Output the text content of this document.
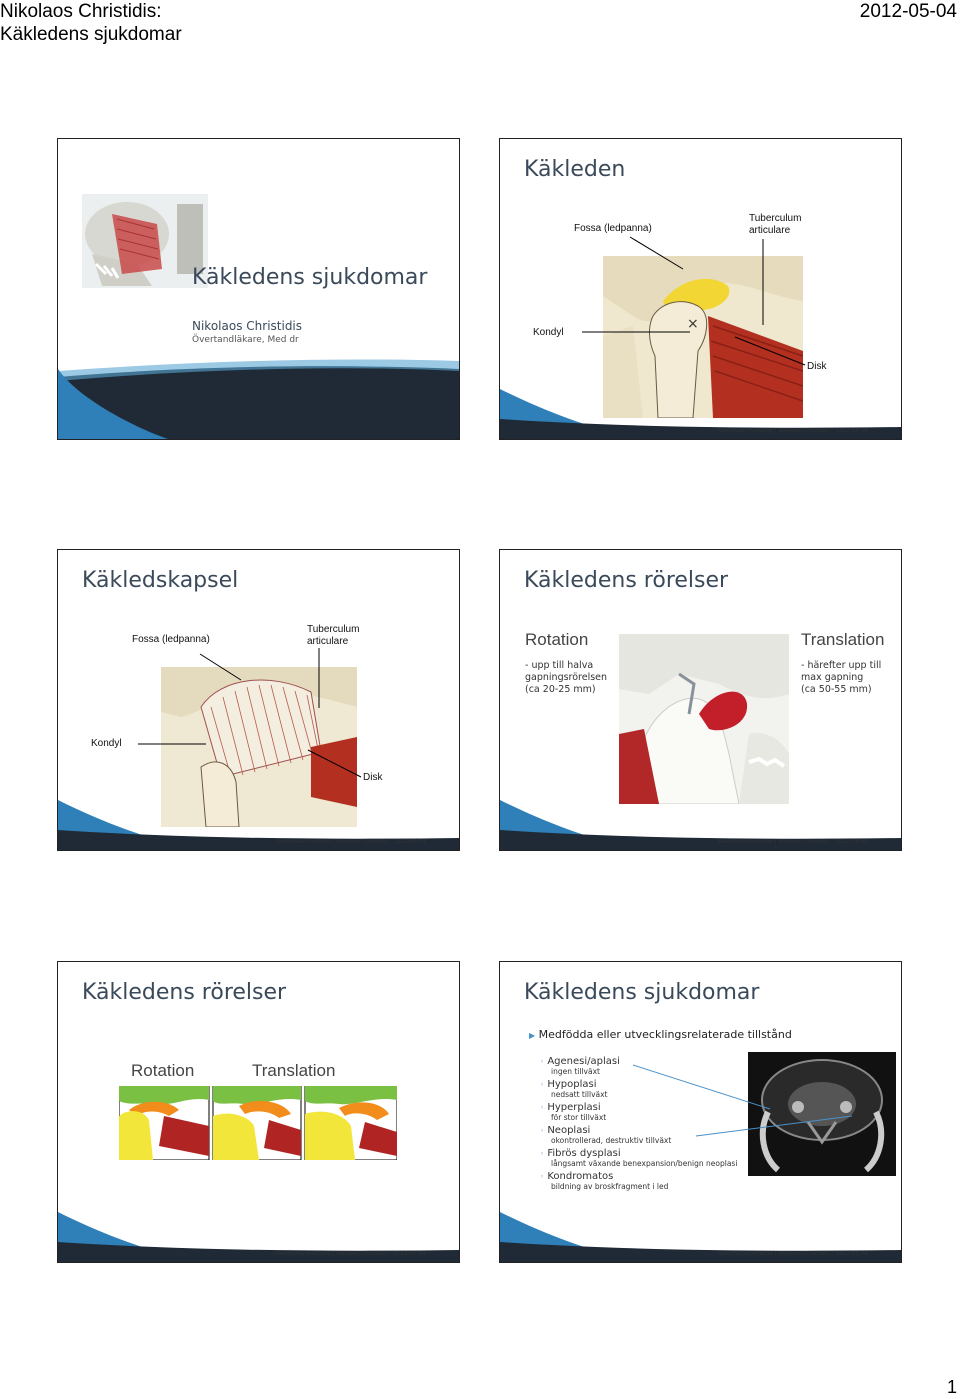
Nikolaos Christidis:
Käkledens sjukdomar
2012-05-04
Käkledens sjukdomar
Nikolaos Christidis
Övertandläkare, Med dr
Käkleden
×
Fossa (ledpanna)
Tuberculum
articulare
Kondyl
Disk
Karolinska Institutet | Nikolaos Christidis 2012-05-04
Käkledskapsel
Fossa (ledpanna)
Tuberculum
articulare
Kondyl
Disk
Karolinska Institutet | Nikolaos Christidis 2012-05-04
Käkledens rörelser
Rotation
- upp till halva
gapningsrörelsen
(ca 20-25 mm)
Translation
- härefter upp till
max gapning
(ca 50-55 mm)
Karolinska Institutet | Nikolaos Christidis 2012-05-04
Käkledens rörelser
Rotation	Translation
Karolinska Institutet | Nikolaos Christidis 2012-05-04
Käkledens sjukdomar
▶ Medfödda eller utvecklingsrelaterade tillstånd
◦ Agenesi/aplasi
ingen tillväxt
◦ Hypoplasi
nedsatt tillväxt
◦ Hyperplasi
för stor tillväxt
◦ Neoplasi
okontrollerad, destruktiv tillväxt
◦ Fibrös dysplasi
långsamt växande benexpansion/benign neoplasi
◦ Kondromatos
bildning av broskfragment i led
Karolinska Institutet | Nikolaos Christidis 2012-05-04
1
